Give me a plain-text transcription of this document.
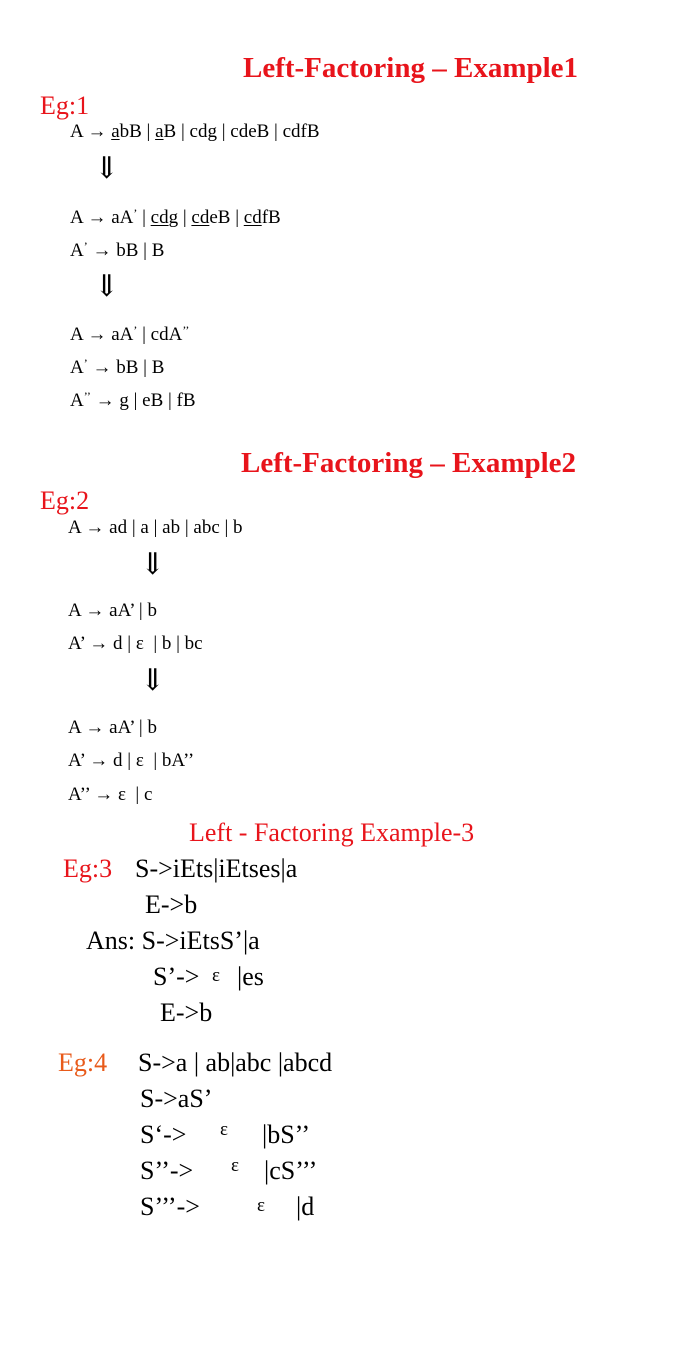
Left-Factoring – Example1
Eg:1
A → abB | aB | cdg | cdeB | cdfB
⇓
A → aA’ | cdg | cdeB | cdfB
A’ → bB | B
⇓
A → aA’ | cdA’’
A’ → bB | B
A’’ → g | eB | fB
Left-Factoring – Example2
Eg:2
A → ad | a | ab | abc | b
⇓
A → aA’ | b
A’ → d | ε  | b | bc
⇓
A → aA’ | b
A’ → d | ε  | bA’’
A’’ → ε  | c
Left - Factoring Example-3
Eg:3 S->iEts|iEtses|a
E->b
Ans: S->iEtsS’|a
S’-> ε |es
E->b
Eg:4 S->a | ab|abc |abcd
S->aS’
S‘-> ε |bS’’
S’’-> ε |cS’’’
S’’’->	ε |d
